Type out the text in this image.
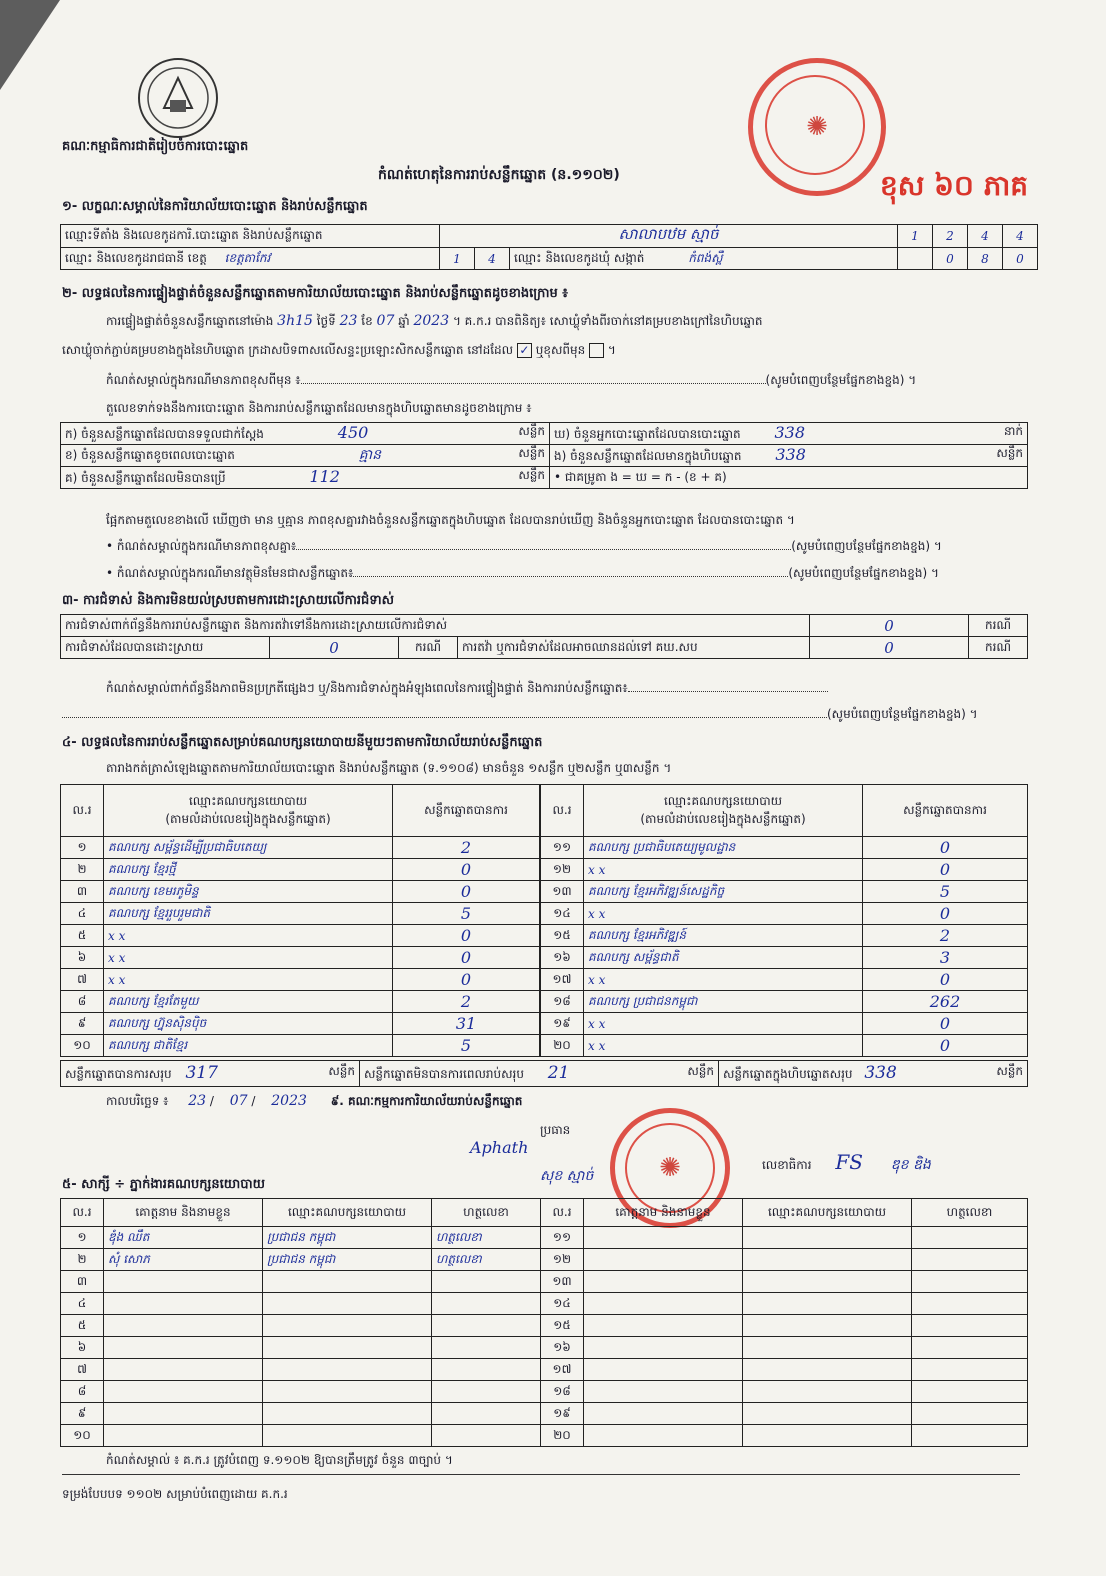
គណៈកម្មាធិការជាតិរៀបចំការបោះឆ្នោត
កំណត់ហេតុនៃការរាប់សន្លឹកឆ្នោត (ន.១១០២)
✺
ខុស ៦០ ភាគ
១- លក្ខណៈសម្គាល់នៃការិយាល័យបោះឆ្នោត និងរាប់សន្លឹកឆ្នោត
ឈ្មោះទីតាំង និងលេខកូដការិ.បោះឆ្នោត និងរាប់សន្លឹកឆ្នោត	សាលាបឋម ស្មាច់			1	2	4	4
ឈ្មោះ និងលេខកូដរាជធានី ខេត្ត ខេត្តតាកែវ	1	4	ឈ្មោះ និងលេខកូដឃុំ សង្កាត់ កំពង់ស្ពឺ		0	8	0
២- លទ្ធផលនៃការផ្ទៀងផ្ទាត់ចំនួនសន្លឹកឆ្នោតតាមការិយាល័យបោះឆ្នោត និងរាប់សន្លឹកឆ្នោតដូចខាងក្រោម ៖
ការផ្ទៀងផ្ទាត់ចំនួនសន្លឹកឆ្នោតនៅម៉ោង 3h15 ថ្ងៃទី 23 ខែ 07 ឆ្នាំ 2023 ។ គ.ក.រ បានពិនិត្យ៖ សោឃ្លុំទាំងពីរចាក់នៅគម្របខាងក្រៅនៃហិបឆ្នោត
សោឃ្លុំចាក់ភ្ជាប់គម្របខាងក្នុងនៃហិបឆ្នោត ក្រដាសបិទពាសលើសន្ទះប្រឡោះសិកសន្លឹកឆ្នោត នៅដដែល ✓ ឬខុសពីមុន  ។
កំណត់សម្គាល់ក្នុងករណីមានភាពខុសពីមុន ៖	(សូមបំពេញបន្ថែមផ្នែកខាងខ្នង) ។
តួលេខទាក់ទងនឹងការបោះឆ្នោត និងការរាប់សន្លឹកឆ្នោតដែលមានក្នុងហិបឆ្នោតមានដូចខាងក្រោម ៖
ក) ចំនួនសន្លឹកឆ្នោតដែលបានទទួលជាក់ស្តែង 450 សន្លឹក	ឃ) ចំនួនអ្នកបោះឆ្នោតដែលបានបោះឆ្នោត 338 នាក់

ខ) ចំនួនសន្លឹកឆ្នោតខូចពេលបោះឆ្នោត គ្មាន សន្លឹក	ង) ចំនួនសន្លឹកឆ្នោតដែលមានក្នុងហិបឆ្នោត 338 សន្លឹក

គ) ចំនួនសន្លឹកឆ្នោតដែលមិនបានប្រើ 112 សន្លឹក	• ជាគម្រូតា ង = ឃ = ក - (ខ + គ)
ផ្អែកតាមតួលេខខាងលើ ឃើញថា មាន ឬគ្មាន ភាពខុសគ្នារវាងចំនួនសន្លឹកឆ្នោតក្នុងហិបឆ្នោត ដែលបានរាប់ឃើញ និងចំនួនអ្នកបោះឆ្នោត ដែលបានបោះឆ្នោត ។
• កំណត់សម្គាល់ក្នុងករណីមានភាពខុសគ្នា៖	(សូមបំពេញបន្ថែមផ្នែកខាងខ្នង) ។
• កំណត់សម្គាល់ក្នុងករណីមានវត្ថុមិនមែនជាសន្លឹកឆ្នោត៖	(សូមបំពេញបន្ថែមផ្នែកខាងខ្នង) ។
៣- ការជំទាស់ និងការមិនយល់ស្របតាមការដោះស្រាយលើការជំទាស់
ការជំទាស់ពាក់ព័ន្ធនឹងការរាប់សន្លឹកឆ្នោត និងការតវ៉ាទៅនឹងការដោះស្រាយលើការជំទាស់				0	ករណី
ការជំទាស់ដែលបានដោះស្រាយ	0	ករណី	ការតវ៉ា ឬការជំទាស់ដែលអាចឈានដល់ទៅ គឃ.សប	0	ករណី
កំណត់សម្គាល់ពាក់ព័ន្ធនឹងភាពមិនប្រក្រតីផ្សេងៗ ឬ/និងការជំទាស់ក្នុងអំឡុងពេលនៃការផ្ទៀងផ្ទាត់ និងការរាប់សន្លឹកឆ្នោត៖
(សូមបំពេញបន្ថែមផ្នែកខាងខ្នង) ។
៤- លទ្ធផលនៃការរាប់សន្លឹកឆ្នោតសម្រាប់គណបក្សនយោបាយនីមួយៗតាមការិយាល័យរាប់សន្លឹកឆ្នោត
តារាងកត់ត្រាសំឡេងឆ្នោតតាមការិយាល័យបោះឆ្នោត និងរាប់សន្លឹកឆ្នោត (ទ.១១០៨) មានចំនួន ១សន្លឹក ឬ២សន្លឹក ឬ៣សន្លឹក ។
ល.រ	ឈ្មោះគណបក្សនយោបាយ
(តាមលំដាប់លេខរៀងក្នុងសន្លឹកឆ្នោត)	សន្លឹកឆ្នោតបានការ
១	គណបក្ស សម្ព័ន្ធដើម្បីប្រជាធិបតេយ្យ	2
២	គណបក្ស ខ្មែរថ្មី	0
៣	គណបក្ស ខេមរភូមិន្ទ	0
៤	គណបក្ស ខ្មែររួបរួមជាតិ	5
៥	x x	0
៦	x x	0
៧	x x	0
៨	គណបក្ស ខ្មែរតែមួយ	2
៩	គណបក្ស ហ្វ៊ុនស៊ិនប៉ិច	31
១០	គណបក្ស ជាតិខ្មែរ	5
ល.រ	ឈ្មោះគណបក្សនយោបាយ
(តាមលំដាប់លេខរៀងក្នុងសន្លឹកឆ្នោត)	សន្លឹកឆ្នោតបានការ
១១	គណបក្ស ប្រជាធិបតេយ្យមូលដ្ឋាន	0
១២	x x	0
១៣	គណបក្ស ខ្មែរអភិវឌ្ឍន៍សេដ្ឋកិច្ច	5
១៤	x x	0
១៥	គណបក្ស ខ្មែរអភិវឌ្ឍន៍	2
១៦	គណបក្ស សម្ព័ន្ធជាតិ	3
១៧	x x	0
១៨	គណបក្ស ប្រជាជនកម្ពុជា	262
១៩	x x	0
២០	x x	0
សន្លឹកឆ្នោតបានការសរុប 317	សន្លឹក	សន្លឹកឆ្នោតមិនបានការពេលរាប់សរុប 21	សន្លឹក	សន្លឹកឆ្នោតក្នុងហិបឆ្នោតសរុប 338	សន្លឹក
កាលបរិច្ឆេទ ៖ 23 / 07 / 2023 ៩. គណៈកម្មការការិយាល័យរាប់សន្លឹកឆ្នោត
ប្រធាន
Aphath
សុខ ស្មាច់	✺	លេខាធិការ FS ឌុខ ឌិង
៥- សាក្សី ÷ ភ្នាក់ងារគណបក្សនយោបាយ
ល.រ	គោត្តនាម និងនាមខ្លួន	ឈ្មោះគណបក្សនយោបាយ	ហត្ថលេខា	ល.រ	គោត្តនាម និងនាមខ្លួន	ឈ្មោះគណបក្សនយោបាយ	ហត្ថលេខា
១	ឌុំង ឈឹត	ប្រជាជន កម្ពុជា	ហត្ថលេខា	១១			
២	សុំ សោភ	ប្រជាជន កម្ពុជា	ហត្ថលេខា	១២			
៣				១៣			
៤				១៤			
៥				១៥			
៦				១៦			
៧				១៧			
៨				១៨			
៩				១៩			
១០				២០			
កំណត់សម្គាល់ ៖ គ.ក.រ ត្រូវបំពេញ ទ.១១០២ ឱ្យបានត្រឹមត្រូវ ចំនួន ៣ច្បាប់ ។
ទម្រង់បែបបទ ១១០២ សម្រាប់បំពេញដោយ គ.ក.រ
